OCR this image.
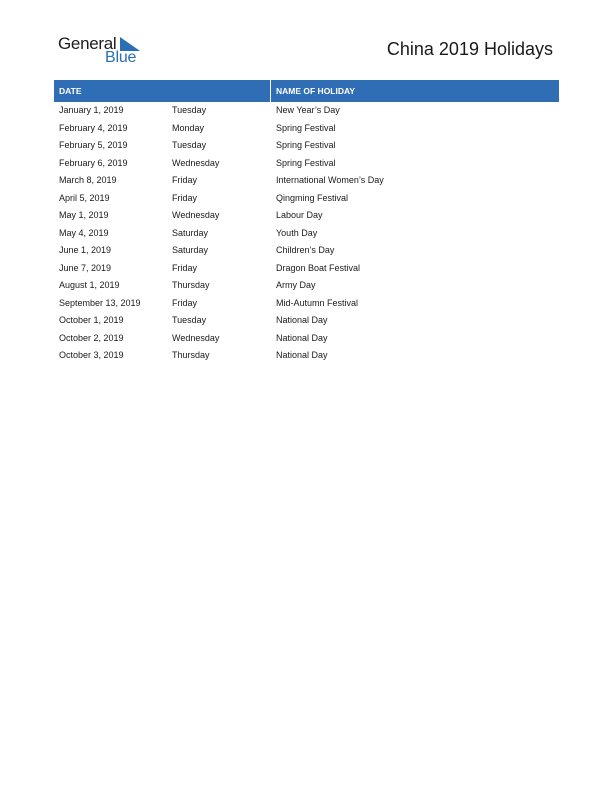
General
Blue	China 2019 Holidays
DATE	NAME OF HOLIDAY
January 1, 2019	Tuesday	New Year’s Day
February 4, 2019	Monday	Spring Festival
February 5, 2019	Tuesday	Spring Festival
February 6, 2019	Wednesday	Spring Festival
March 8, 2019	Friday	International Women’s Day
April 5, 2019	Friday	Qingming Festival
May 1, 2019	Wednesday	Labour Day
May 4, 2019	Saturday	Youth Day
June 1, 2019	Saturday	Children’s Day
June 7, 2019	Friday	Dragon Boat Festival
August 1, 2019	Thursday	Army Day
September 13, 2019	Friday	Mid-Autumn Festival
October 1, 2019	Tuesday	National Day
October 2, 2019	Wednesday	National Day
October 3, 2019	Thursday	National Day
